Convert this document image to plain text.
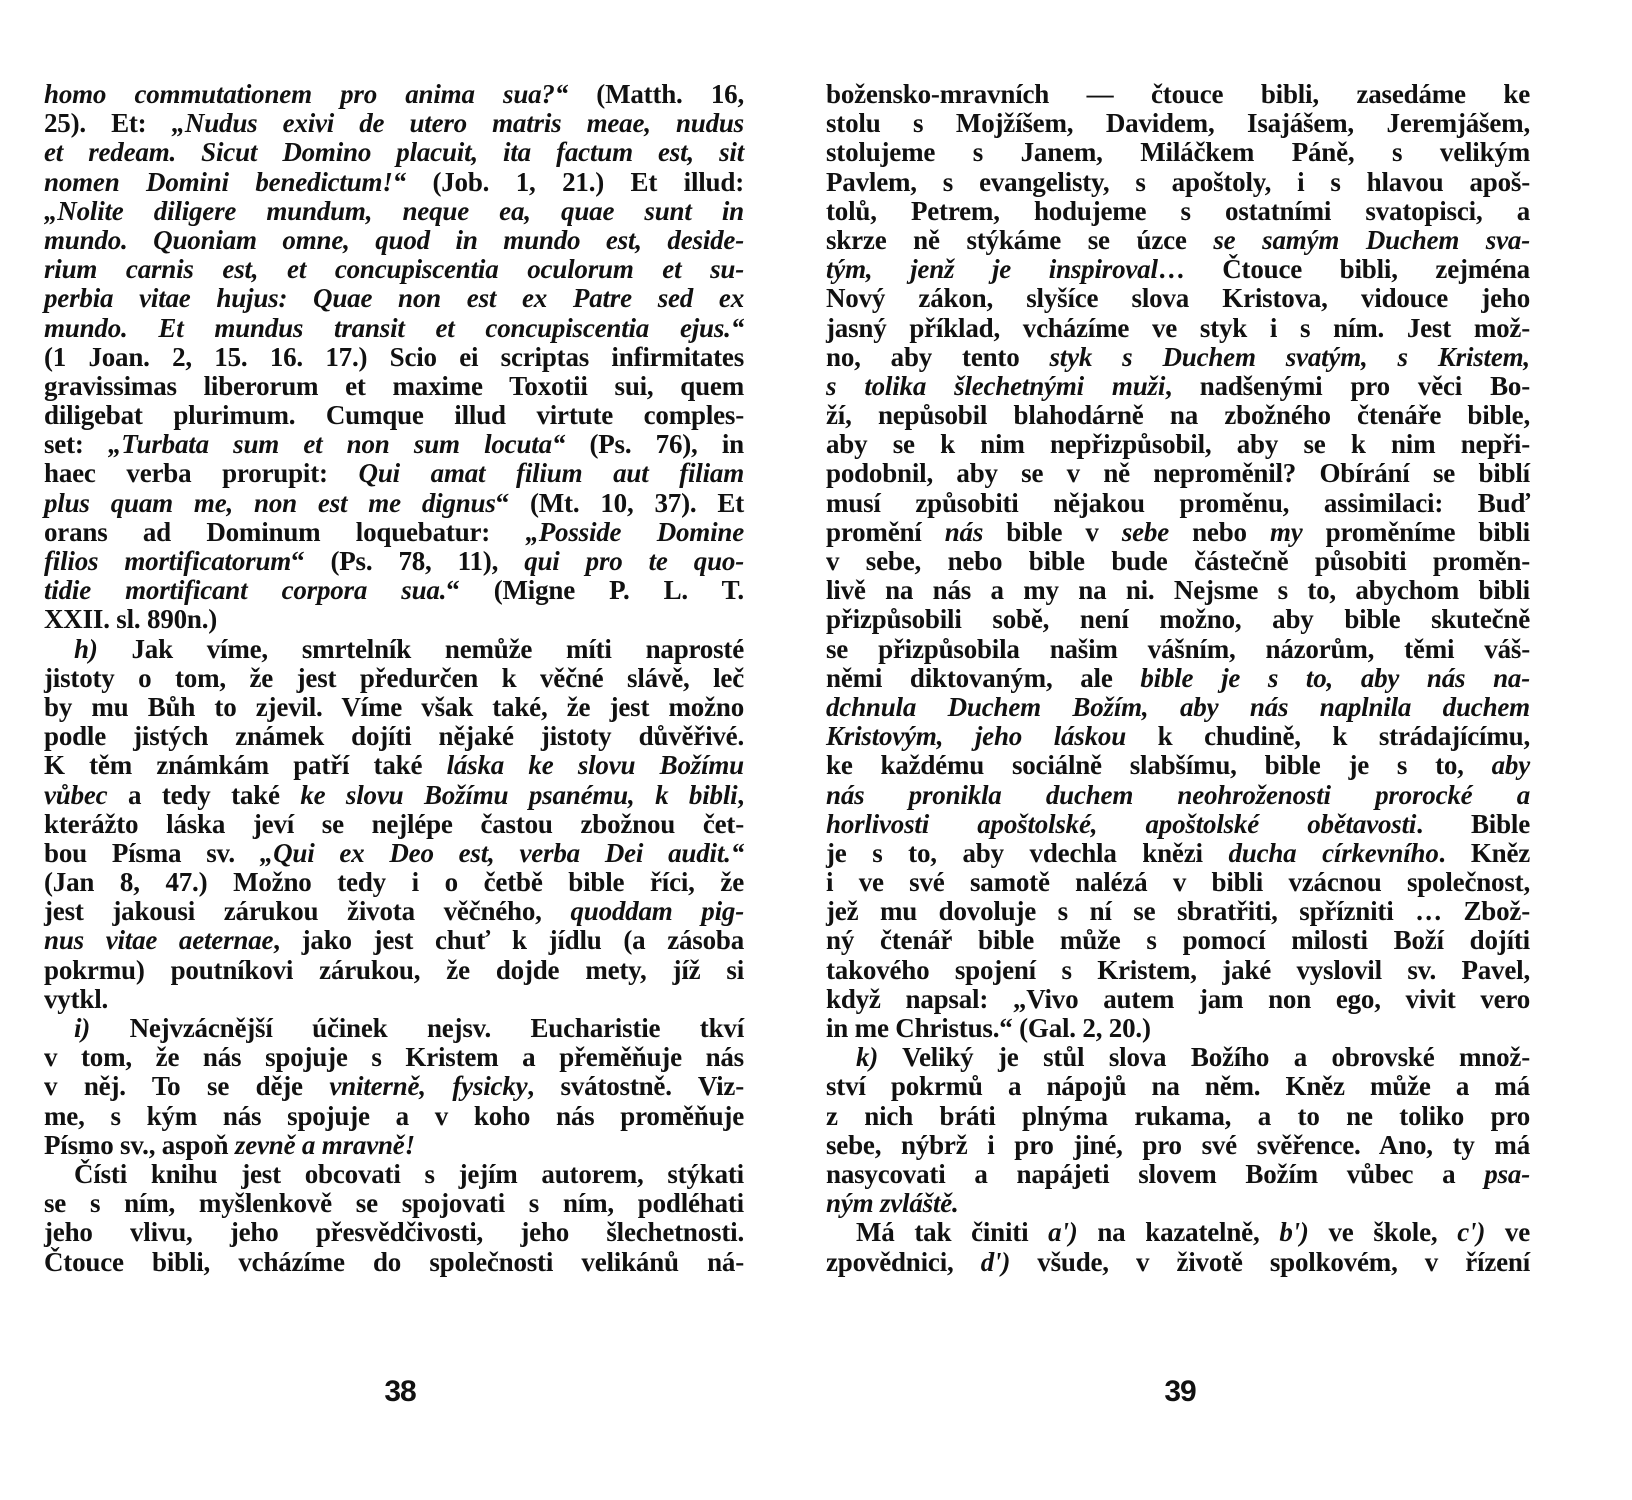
homo commutationem pro anima sua?“ (Matth. 16,
25). Et: „Nudus exivi de utero matris meae, nudus
et redeam. Sicut Domino placuit, ita factum est, sit
nomen Domini benedictum!“ (Job. 1, 21.) Et illud:
„Nolite diligere mundum, neque ea, quae sunt in
mundo. Quoniam omne, quod in mundo est, deside-
rium carnis est, et concupiscentia oculorum et su-
perbia vitae hujus: Quae non est ex Patre sed ex
mundo. Et mundus transit et concupiscentia ejus.“
(1 Joan. 2, 15. 16. 17.) Scio ei scriptas infirmitates
gravissimas liberorum et maxime Toxotii sui, quem
diligebat plurimum. Cumque illud virtute comples-
set: „Turbata sum et non sum locuta“ (Ps. 76), in
haec verba prorupit: Qui amat filium aut filiam
plus quam me, non est me dignus“ (Mt. 10, 37). Et
orans ad Dominum loquebatur: „Posside Domine
filios mortificatorum“ (Ps. 78, 11), qui pro te quo-
tidie mortificant corpora sua.“ (Migne P. L. T.
XXII. sl. 890n.)
h) Jak víme, smrtelník nemůže míti naprosté
jistoty o tom, že jest předurčen k věčné slávě, leč
by mu Bůh to zjevil. Víme však také, že jest možno
podle jistých známek dojíti nějaké jistoty důvěřivé.
K těm známkám patří také láska ke slovu Božímu
vůbec a tedy také ke slovu Božímu psanému, k bibli,
kterážto láska jeví se nejlépe častou zbožnou čet-
bou Písma sv. „Qui ex Deo est, verba Dei audit.“
(Jan 8, 47.) Možno tedy i o četbě bible říci, že
jest jakousi zárukou života věčného, quoddam pig-
nus vitae aeternae, jako jest chuť k jídlu (a zásoba
pokrmu) poutníkovi zárukou, že dojde mety, jíž si
vytkl.
i) Nejvzácnější účinek nejsv. Eucharistie tkví
v tom, že nás spojuje s Kristem a přeměňuje nás
v něj. To se děje vniterně, fysicky, svátostně. Viz-
me, s kým nás spojuje a v koho nás proměňuje
Písmo sv., aspoň zevně a mravně!
Čísti knihu jest obcovati s jejím autorem, stýkati
se s ním, myšlenkově se spojovati s ním, podléhati
jeho vlivu, jeho přesvědčivosti, jeho šlechetnosti.
Čtouce bibli, vcházíme do společnosti velikánů ná-
38
božensko-mravních — čtouce bibli, zasedáme ke
stolu s Mojžíšem, Davidem, Isajášem, Jeremjášem,
stolujeme s Janem, Miláčkem Páně, s velikým
Pavlem, s evangelisty, s apoštoly, i s hlavou apoš-
tolů, Petrem, hodujeme s ostatními svatopisci, a
skrze ně stýkáme se úzce se samým Duchem sva-
tým, jenž je inspiroval… Čtouce bibli, zejména
Nový zákon, slyšíce slova Kristova, vidouce jeho
jasný příklad, vcházíme ve styk i s ním. Jest mož-
no, aby tento styk s Duchem svatým, s Kristem,
s tolika šlechetnými muži, nadšenými pro věci Bo-
ží, nepůsobil blahodárně na zbožného čtenáře bible,
aby se k nim nepřizpůsobil, aby se k nim nepři-
podobnil, aby se v ně neproměnil? Obírání se biblí
musí způsobiti nějakou proměnu, assimilaci: Buď
promění nás bible v sebe nebo my proměníme bibli
v sebe, nebo bible bude částečně působiti proměn-
livě na nás a my na ni. Nejsme s to, abychom bibli
přizpůsobili sobě, není možno, aby bible skutečně
se přizpůsobila našim vášním, názorům, těmi váš-
němi diktovaným, ale bible je s to, aby nás na-
dchnula Duchem Božím, aby nás naplnila duchem
Kristovým, jeho láskou k chudině, k strádajícímu,
ke každému sociálně slabšímu, bible je s to, aby
nás pronikla duchem neohroženosti prorocké a
horlivosti apoštolské, apoštolské obětavosti. Bible
je s to, aby vdechla knězi ducha církevního. Kněz
i ve své samotě nalézá v bibli vzácnou společnost,
jež mu dovoluje s ní se sbratřiti, spřízniti … Zbož-
ný čtenář bible může s pomocí milosti Boží dojíti
takového spojení s Kristem, jaké vyslovil sv. Pavel,
když napsal: „Vivo autem jam non ego, vivit vero
in me Christus.“ (Gal. 2, 20.)
k) Veliký je stůl slova Božího a obrovské množ-
ství pokrmů a nápojů na něm. Kněz může a má
z nich bráti plnýma rukama, a to ne toliko pro
sebe, nýbrž i pro jiné, pro své svěřence. Ano, ty má
nasycovati a napájeti slovem Božím vůbec a psa-
ným zvláště.
Má tak činiti a') na kazatelně, b') ve škole, c') ve
zpovědnici, d') všude, v životě spolkovém, v řízení
39
